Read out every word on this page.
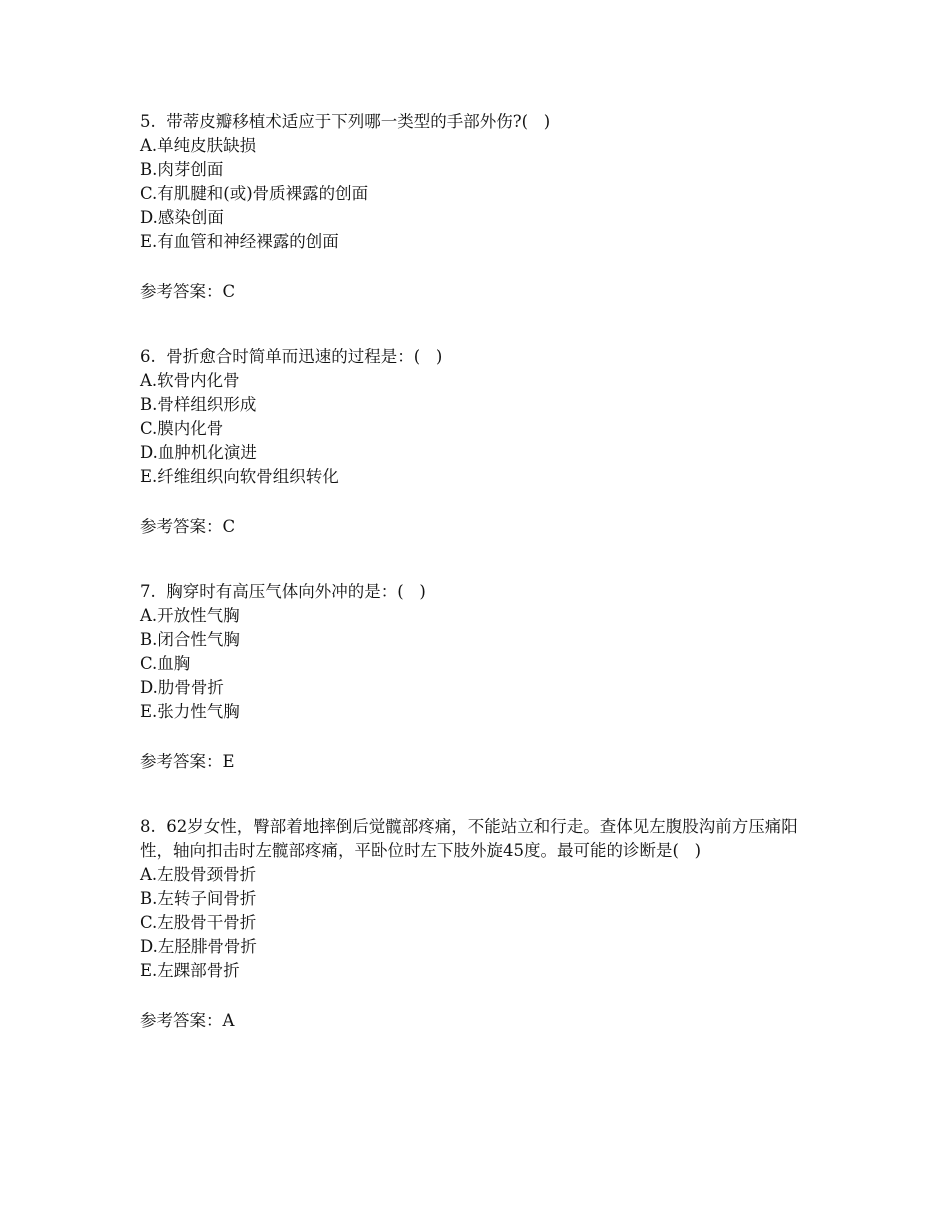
5.  带蒂皮瓣移植术适应于下列哪一类型的手部外伤?(   )

A.单纯皮肤缺损

B.肉芽创面

C.有肌腱和(或)骨质裸露的创面

D.感染创面

E.有血管和神经裸露的创面

参考答案：C

6.  骨折愈合时简单而迅速的过程是：(   )

A.软骨内化骨

B.骨样组织形成

C.膜内化骨

D.血肿机化演进

E.纤维组织向软骨组织转化

参考答案：C

7.  胸穿时有高压气体向外冲的是：(   )

A.开放性气胸

B.闭合性气胸

C.血胸

D.肋骨骨折

E.张力性气胸

参考答案：E

8.  62岁女性，臀部着地摔倒后觉髋部疼痛，不能站立和行走。查体见左腹股沟前方压痛阳性，轴向扣击时左髋部疼痛，平卧位时左下肢外旋45度。最可能的诊断是(   )

A.左股骨颈骨折

B.左转子间骨折

C.左股骨干骨折

D.左胫腓骨骨折

E.左踝部骨折

参考答案：A
